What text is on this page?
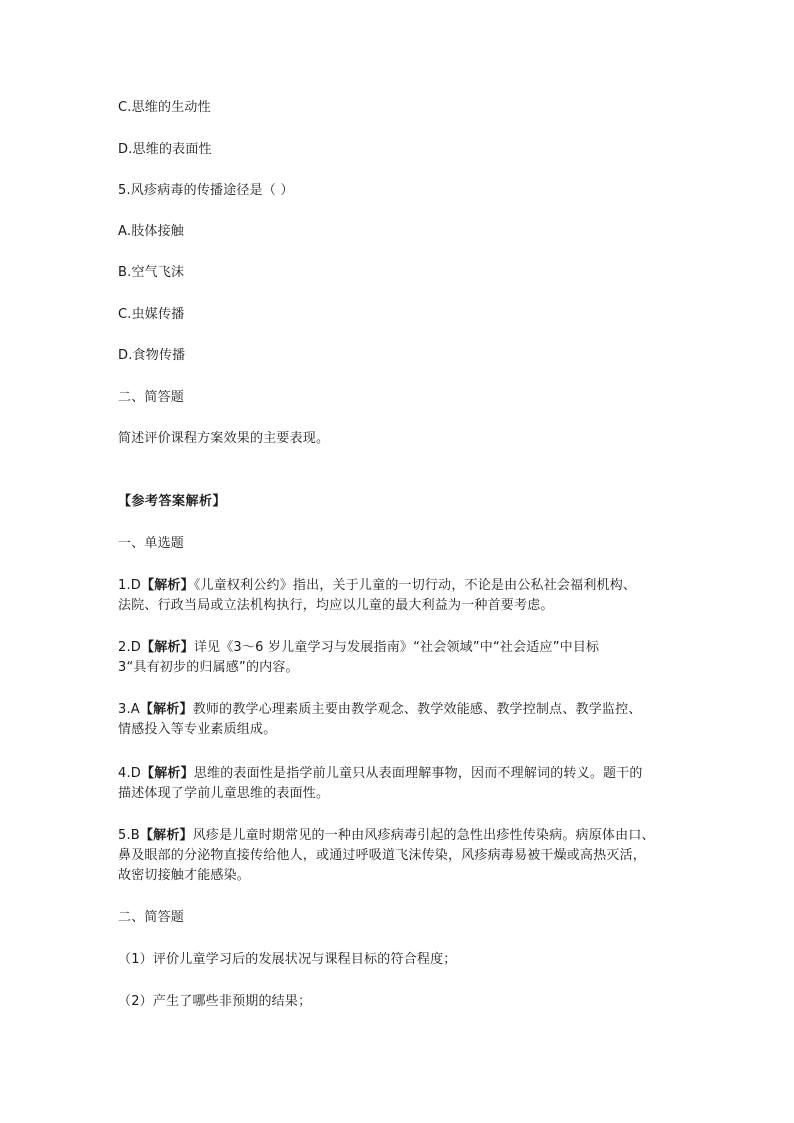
C.思维的生动性
D.思维的表面性
5.风疹病毒的传播途径是（ ）
A.肢体接触
B.空气飞沫
C.虫媒传播
D.食物传播
二、简答题
简述评价课程方案效果的主要表现。
【参考答案解析】
一、单选题
1.D【解析】《儿童权利公约》指出，关于儿童的一切行动，不论是由公私社会福利机构、
法院、行政当局或立法机构执行，均应以儿童的最大利益为一种首要考虑。
2.D【解析】详见《3～6 岁儿童学习与发展指南》“社会领域”中“社会适应”中目标
3“具有初步的归属感”的内容。
3.A【解析】教师的教学心理素质主要由教学观念、教学效能感、教学控制点、教学监控、
情感投入等专业素质组成。
4.D【解析】思维的表面性是指学前儿童只从表面理解事物，因而不理解词的转义。题干的
描述体现了学前儿童思维的表面性。
5.B【解析】风疹是儿童时期常见的一种由风疹病毒引起的急性出疹性传染病。病原体由口、
鼻及眼部的分泌物直接传给他人，或通过呼吸道飞沫传染，风疹病毒易被干燥或高热灭活，
故密切接触才能感染。
二、简答题
（1）评价儿童学习后的发展状况与课程目标的符合程度；
（2）产生了哪些非预期的结果；
